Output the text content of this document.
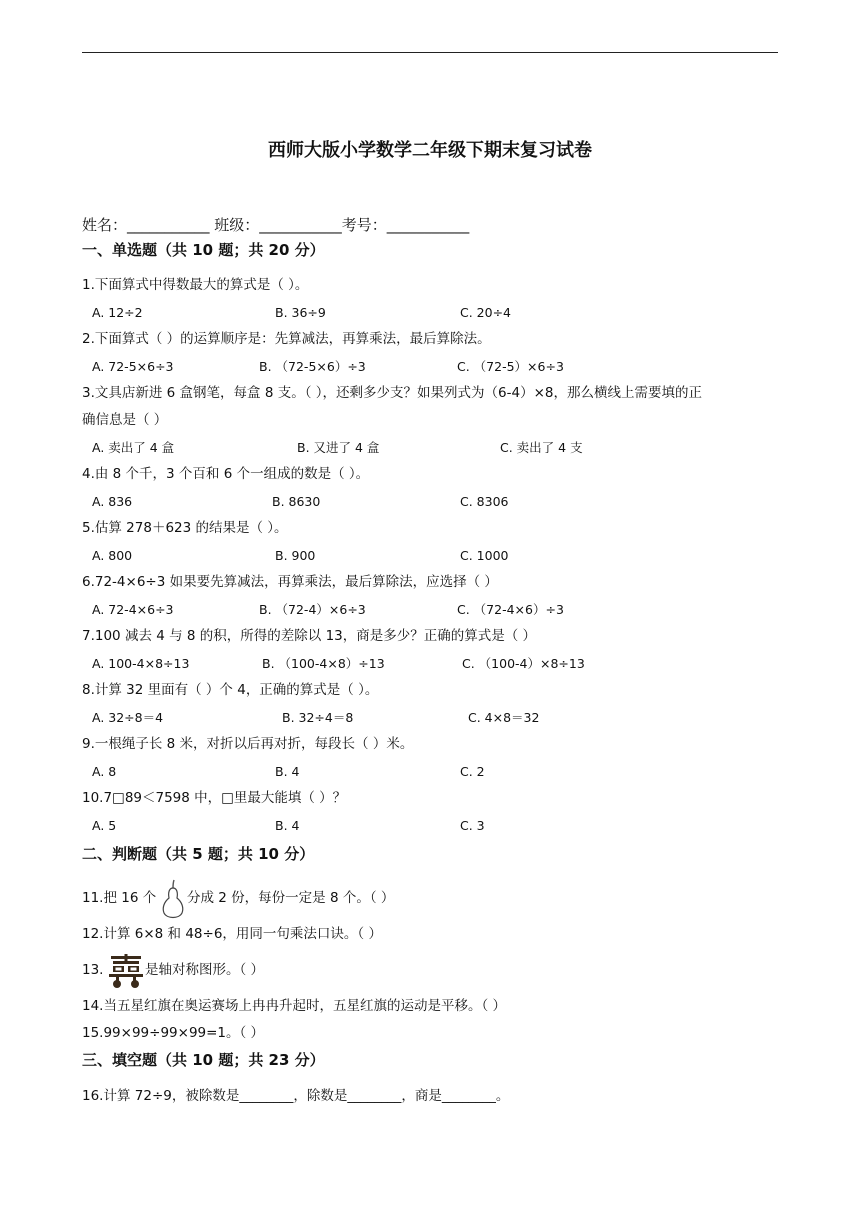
西师大版小学数学二年级下期末复习试卷
姓名：___________ 班级：___________考号：___________
一、单选题（共 10 题；共 20 分）
1.下面算式中得数最大的算式是（ ）。
A. 12÷2	B. 36÷9	C. 20÷4
2.下面算式（ ）的运算顺序是：先算减法，再算乘法，最后算除法。
A. 72-5×6÷3	B. （72-5×6）÷3	C. （72-5）×6÷3
3.文具店新进 6 盒钢笔，每盒 8 支。（ ），还剩多少支？如果列式为（6-4）×8，那么横线上需要填的正
确信息是（ ）
A. 卖出了 4 盒	B. 又进了 4 盒	C. 卖出了 4 支
4.由 8 个千，3 个百和 6 个一组成的数是（ ）。
A. 836	B. 8630	C. 8306
5.估算 278＋623 的结果是（ ）。
A. 800	B. 900	C. 1000
6.72-4×6÷3 如果要先算减法，再算乘法，最后算除法，应选择（ ）
A. 72-4×6÷3	B. （72-4）×6÷3	C. （72-4×6）÷3
7.100 减去 4 与 8 的积，所得的差除以 13，商是多少？正确的算式是（ ）
A. 100-4×8÷13	B. （100-4×8）÷13	C. （100-4）×8÷13
8.计算 32 里面有（ ）个 4，正确的算式是（ ）。
A. 32÷8＝4	B. 32÷4＝8	C. 4×8＝32
9.一根绳子长 8 米，对折以后再对折，每段长（ ）米。
A. 8	B. 4	C. 2
10.7□89＜7598 中，□里最大能填（ ）？
A. 5	B. 4	C. 3
二、判断题（共 5 题；共 10 分）
11.把 16 个 分成 2 份，每份一定是 8 个。（ ）
12.计算 6×8 和 48÷6，用同一句乘法口诀。（ ）
13.	是轴对称图形。（ ）
14.当五星红旗在奥运赛场上冉冉升起时，五星红旗的运动是平移。（ ）
15.99×99÷99×99=1。（ ）
三、填空题（共 10 题；共 23 分）
16.计算 72÷9，被除数是________，除数是________，商是________。
